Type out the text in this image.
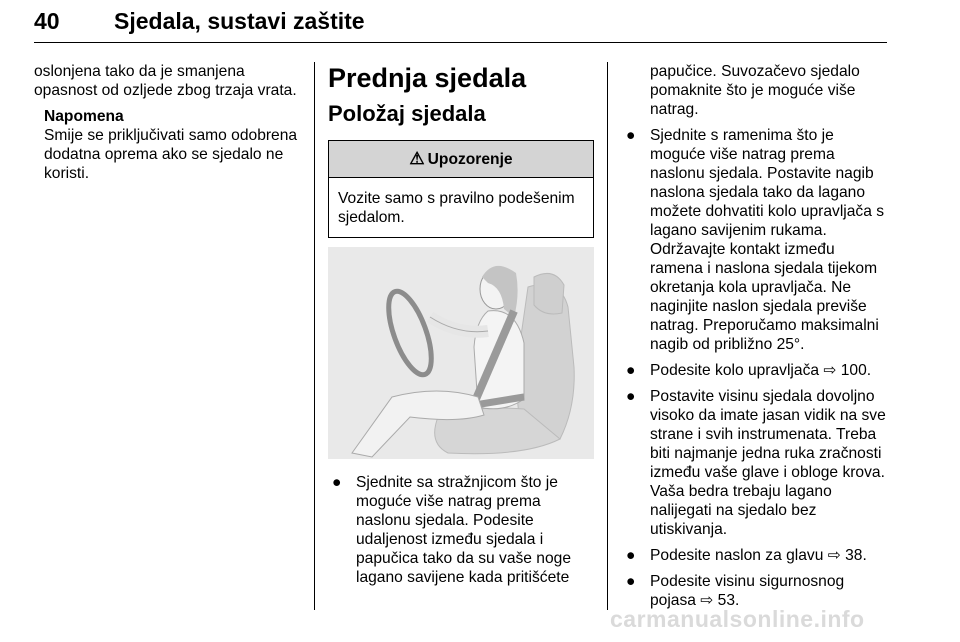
40 Sjedala, sustavi zaštite

oslonjena tako da je smanjena opasnost od ozljede zbog trzaja vrata.

Napomena

Smije se priključivati samo odobrena dodatna oprema ako se sjedalo ne koristi.

Prednja sjedala
Položaj sjedala
⚠ Upozorenje
Vozite samo s pravilno podešenim sjedalom.
● Sjednite sa stražnjicom što je moguće više natrag prema naslonu sjedala. Podesite udaljenost između sjedala i papučica tako da su vaše noge lagano savijene kada pritišćete

papučice. Suvozačevo sjedalo pomaknite što je moguće više natrag.

● Sjednite s ramenima što je moguće više natrag prema naslonu sjedala. Postavite nagib naslona sjedala tako da lagano možete dohvatiti kolo upravljača s lagano savijenim rukama. Održavajte kontakt između ramena i naslona sjedala tijekom okretanja kola upravljača. Ne naginjite naslon sjedala previše natrag. Preporučamo maksimalni nagib od približno 25°.
● Podesite kolo upravljača ⇨ 100.
● Postavite visinu sjedala dovoljno visoko da imate jasan vidik na sve strane i svih instrumenata. Treba biti najmanje jedna ruka zračnosti između vaše glave i obloge krova. Vaša bedra trebaju lagano nalijegati na sjedalo bez utiskivanja.
● Podesite naslon za glavu ⇨ 38.
● Podesite visinu sigurnosnog pojasa ⇨ 53.
carmanualsonline.info
